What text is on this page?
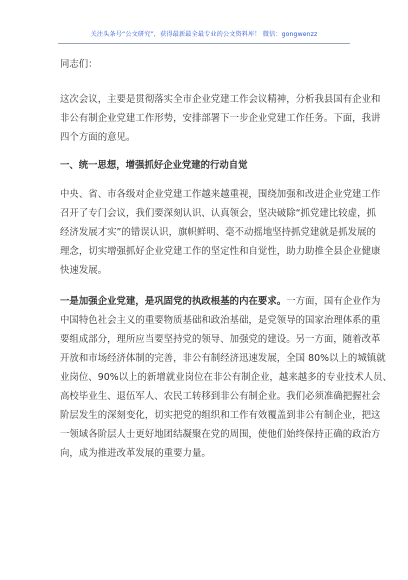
关注头条号“公文研究”，获得最新最全最专业的公文资料库！ 微信：gongwenzz
同志们：
这次会议，主要是贯彻落实全市企业党建工作会议精神，分析我县国有企业和
非公有制企业党建工作形势，安排部署下一步企业党建工作任务。下面，我讲
四个方面的意见。
一、统一思想，增强抓好企业党建的行动自觉
中央、省、市各级对企业党建工作越来越重视，围绕加强和改进企业党建工作
召开了专门会议，我们要深刻认识、认真领会，坚决破除“抓党建比较虚，抓
经济发展才实”的错误认识，旗帜鲜明、毫不动摇地坚持抓党建就是抓发展的
理念，切实增强抓好企业党建工作的坚定性和自觉性，助力助推全县企业健康
快速发展。
一是加强企业党建，是巩固党的执政根基的内在要求。一方面，国有企业作为
中国特色社会主义的重要物质基础和政治基础，是党领导的国家治理体系的重
要组成部分，理所应当要坚持党的领导、加强党的建设。另一方面，随着改革
开放和市场经济体制的完善，非公有制经济迅速发展，全国 80%以上的城镇就
业岗位、90%以上的新增就业岗位在非公有制企业，越来越多的专业技术人员、
高校毕业生、退伍军人、农民工转移到非公有制企业。我们必须准确把握社会
阶层发生的深刻变化，切实把党的组织和工作有效覆盖到非公有制企业，把这
一领域各阶层人士更好地团结凝聚在党的周围，使他们始终保持正确的政治方
向，成为推进改革发展的重要力量。
